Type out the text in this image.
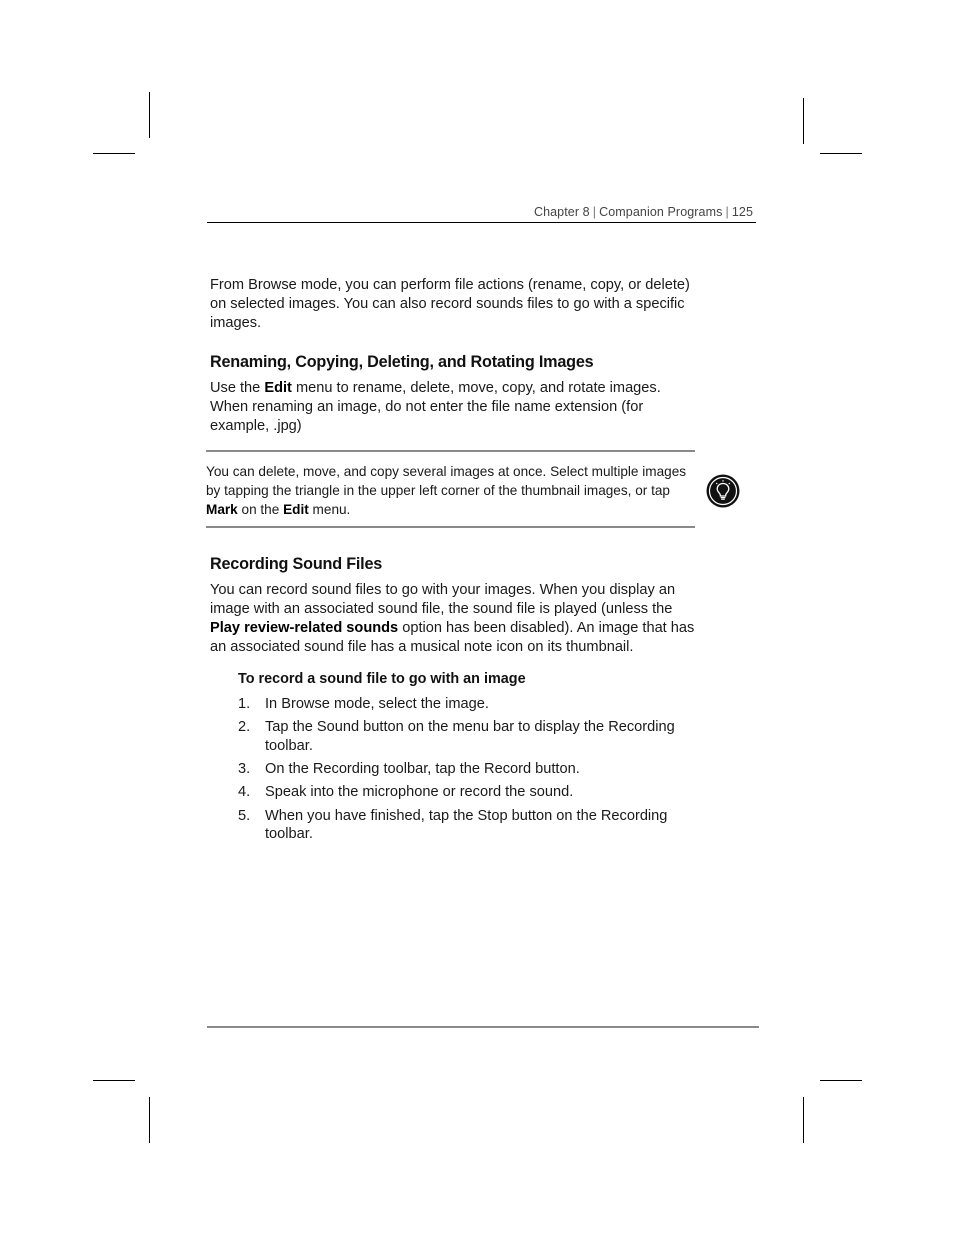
Chapter 8 | Companion Programs | 125

From Browse mode, you can perform file actions (rename, copy, or delete) on selected images. You can also record sounds files to go with a specific images.

Renaming, Copying, Deleting, and Rotating Images

Use the Edit menu to rename, delete, move, copy, and rotate images. When renaming an image, do not enter the file name extension (for example, .jpg)

You can delete, move, and copy several images at once. Select multiple images by tapping the triangle in the upper left corner of the thumbnail images, or tap Mark on the Edit menu.

Recording Sound Files

You can record sound files to go with your images. When you display an image with an associated sound file, the sound file is played (unless the Play review-related sounds option has been disabled). An image that has an associated sound file has a musical note icon on its thumbnail.

To record a sound file to go with an image
1. In Browse mode, select the image.
2. Tap the Sound button on the menu bar to display the Recording toolbar.
3. On the Recording toolbar, tap the Record button.
4. Speak into the microphone or record the sound.
5. When you have finished, tap the Stop button on the Recording toolbar.
